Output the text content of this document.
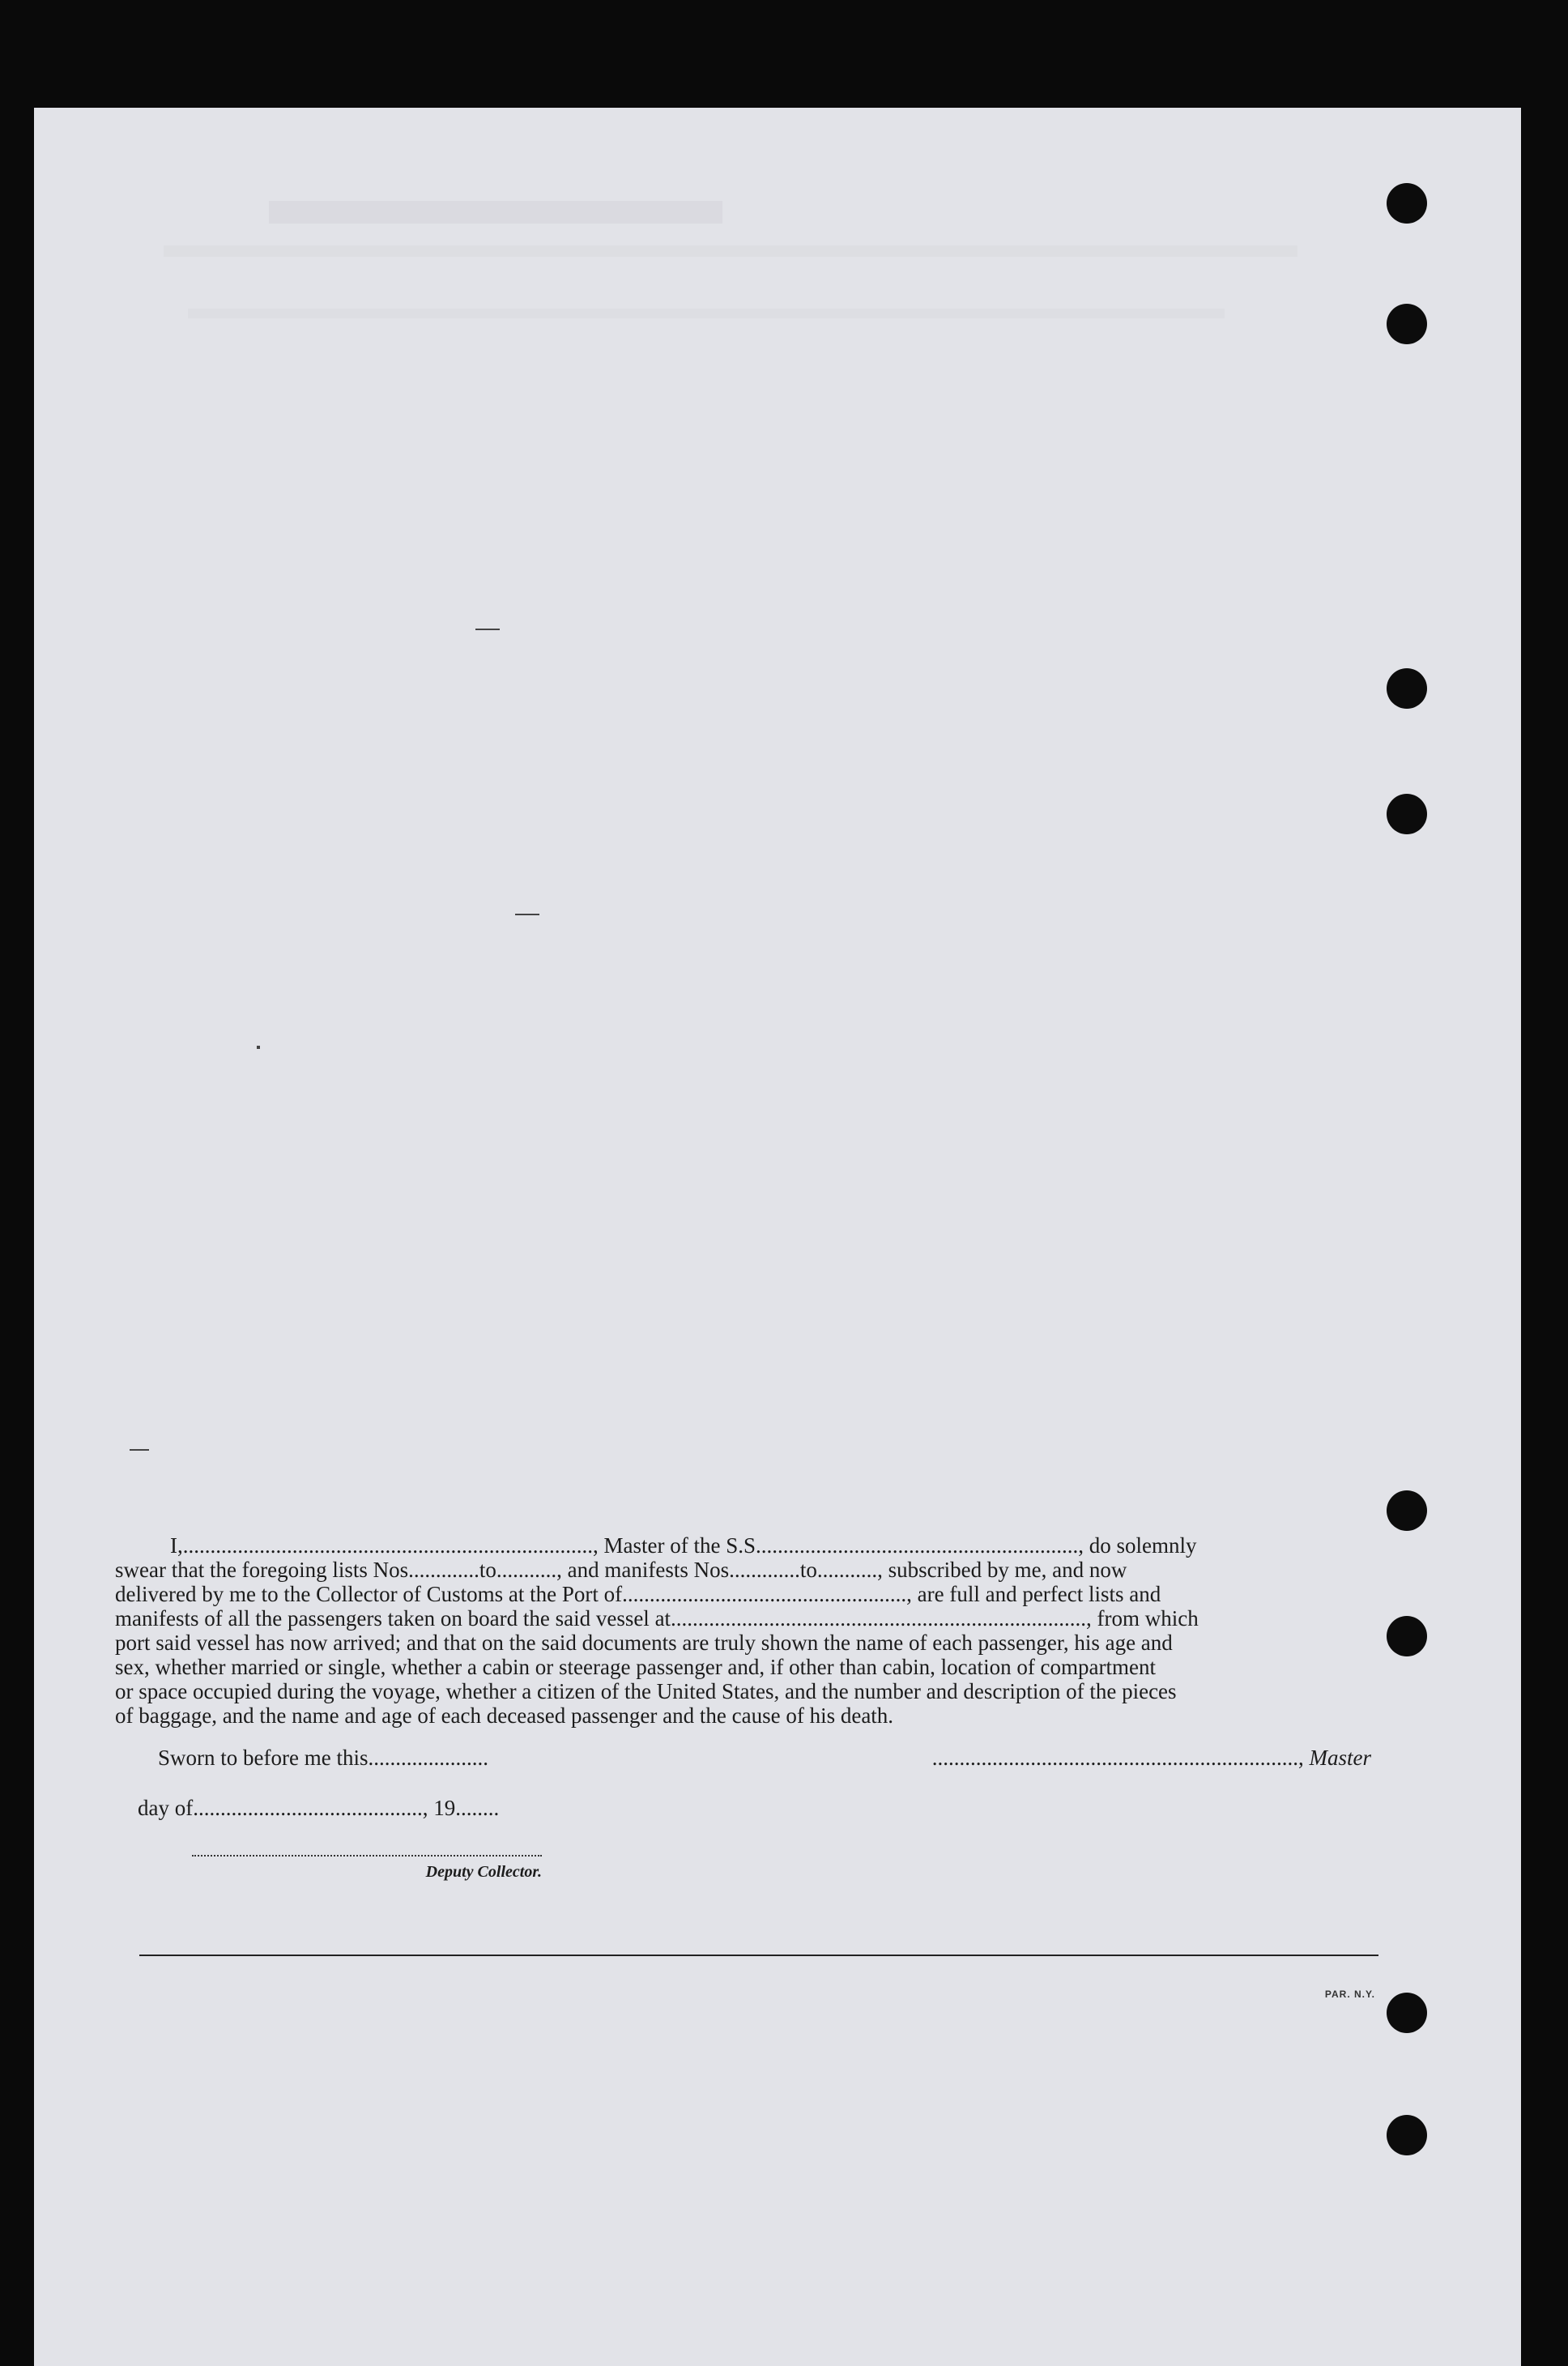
I,..........................................................................., Master of the S.S..........................................................., do solemnly

swear that the foregoing lists Nos.............to..........., and manifests Nos.............to..........., subscribed by me, and now

delivered by me to the Collector of Customs at the Port of...................................................., are full and perfect lists and

manifests of all the passengers taken on board the said vessel at............................................................................, from which

port said vessel has now arrived; and that on the said documents are truly shown the name of each passenger, his age and

sex, whether married or single, whether a cabin or steerage passenger and, if other than cabin, location of compartment

or space occupied during the voyage, whether a citizen of the United States, and the number and description of the pieces

of baggage, and the name and age of each deceased passenger and the cause of his death.

Sworn to before me this......................	..................................................................., Master
day of.........................................., 19........
Deputy Collector.
PAR. N.Y.
